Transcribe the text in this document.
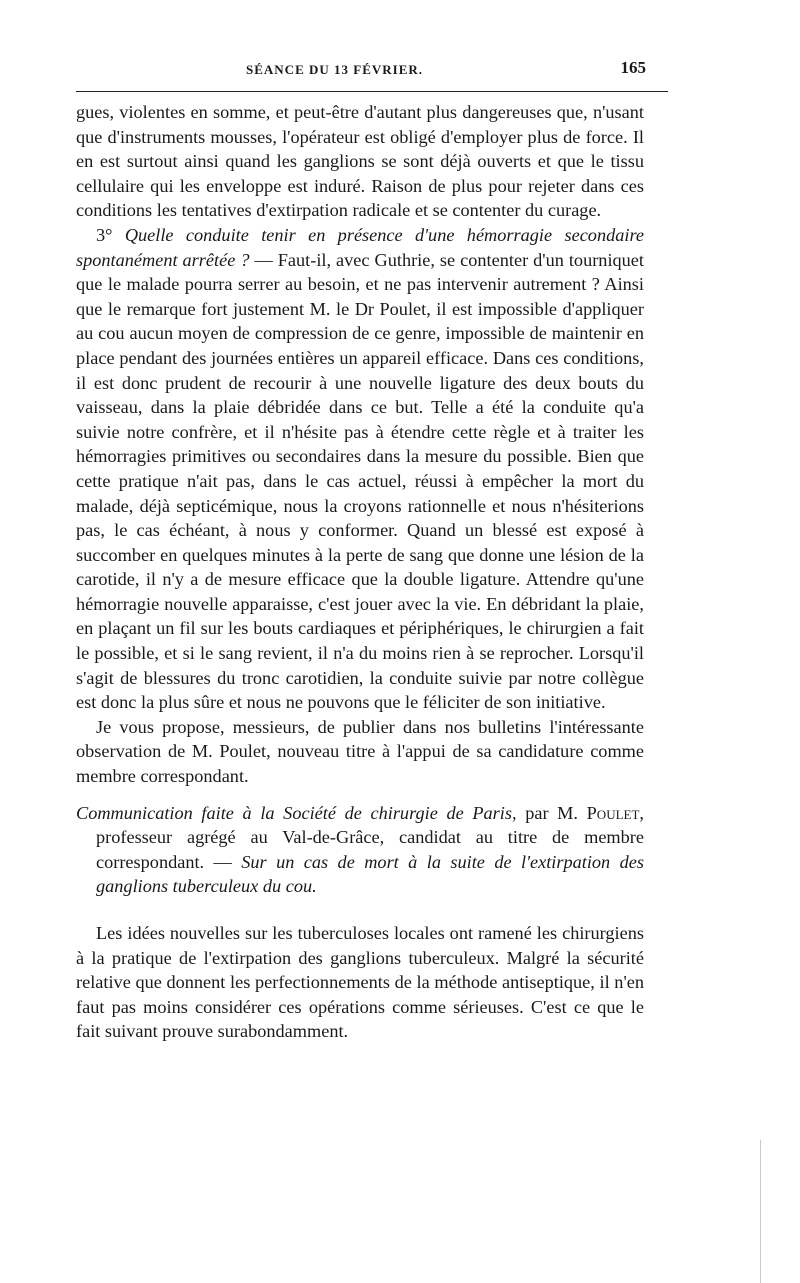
SÉANCE DU 13 FÉVRIER.	165

gues, violentes en somme, et peut-être d'autant plus dangereuses que, n'usant que d'instruments mousses, l'opérateur est obligé d'employer plus de force. Il en est surtout ainsi quand les ganglions se sont déjà ouverts et que le tissu cellulaire qui les enveloppe est induré. Raison de plus pour rejeter dans ces conditions les tentatives d'extirpation radicale et se contenter du curage.

3° Quelle conduite tenir en présence d'une hémorragie secondaire spontanément arrêtée ? — Faut-il, avec Guthrie, se contenter d'un tourniquet que le malade pourra serrer au besoin, et ne pas intervenir autrement ? Ainsi que le remarque fort justement M. le Dr Poulet, il est impossible d'appliquer au cou aucun moyen de compression de ce genre, impossible de maintenir en place pendant des journées entières un appareil efficace. Dans ces conditions, il est donc prudent de recourir à une nouvelle ligature des deux bouts du vaisseau, dans la plaie débridée dans ce but. Telle a été la conduite qu'a suivie notre confrère, et il n'hésite pas à étendre cette règle et à traiter les hémorragies primitives ou secondaires dans la mesure du possible. Bien que cette pratique n'ait pas, dans le cas actuel, réussi à empêcher la mort du malade, déjà septicémique, nous la croyons rationnelle et nous n'hésiterions pas, le cas échéant, à nous y conformer. Quand un blessé est exposé à succomber en quelques minutes à la perte de sang que donne une lésion de la carotide, il n'y a de mesure efficace que la double ligature. Attendre qu'une hémorragie nouvelle apparaisse, c'est jouer avec la vie. En débridant la plaie, en plaçant un fil sur les bouts cardiaques et périphériques, le chirurgien a fait le possible, et si le sang revient, il n'a du moins rien à se reprocher. Lorsqu'il s'agit de blessures du tronc carotidien, la conduite suivie par notre collègue est donc la plus sûre et nous ne pouvons que le féliciter de son initiative.

Je vous propose, messieurs, de publier dans nos bulletins l'intéressante observation de M. Poulet, nouveau titre à l'appui de sa candidature comme membre correspondant.

Communication faite à la Société de chirurgie de Paris, par M. Poulet, professeur agrégé au Val-de-Grâce, candidat au titre de membre correspondant. — Sur un cas de mort à la suite de l'extirpation des ganglions tuberculeux du cou.

Les idées nouvelles sur les tuberculoses locales ont ramené les chirurgiens à la pratique de l'extirpation des ganglions tuberculeux. Malgré la sécurité relative que donnent les perfectionnements de la méthode antiseptique, il n'en faut pas moins considérer ces opérations comme sérieuses. C'est ce que le fait suivant prouve surabondamment.
